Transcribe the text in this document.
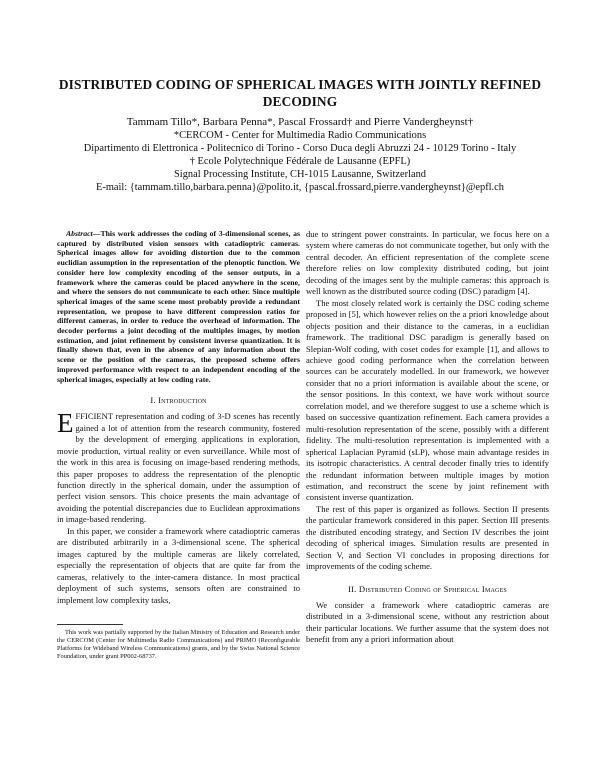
DISTRIBUTED CODING OF SPHERICAL IMAGES WITH JOINTLY REFINED DECODING
Tammam Tillo*, Barbara Penna*, Pascal Frossard† and Pierre Vandergheynst†
*CERCOM - Center for Multimedia Radio Communications
Dipartimento di Elettronica - Politecnico di Torino - Corso Duca degli Abruzzi 24 - 10129 Torino - Italy
† Ecole Polytechnique Fédérale de Lausanne (EPFL)
Signal Processing Institute, CH-1015 Lausanne, Switzerland
E-mail: {tammam.tillo,barbara.penna}@polito.it, {pascal.frossard,pierre.vandergheynst}@epfl.ch

Abstract—This work addresses the coding of 3-dimensional scenes, as captured by distributed vision sensors with catadioptric cameras. Spherical images allow for avoiding distortion due to the common euclidian assumption in the representation of the plenoptic function. We consider here low complexity encoding of the sensor outputs, in a framework where the cameras could be placed anywhere in the scene, and where the sensors do not communicate to each other. Since multiple spherical images of the same scene most probably provide a redundant representation, we propose to have different compression ratios for different cameras, in order to reduce the overhead of information. The decoder performs a joint decoding of the multiples images, by motion estimation, and joint refinement by consistent inverse quantization. It is finally shown that, even in the absence of any information about the scene or the position of the cameras, the proposed scheme offers improved performance with respect to an independent encoding of the spherical images, especially at low coding rate.

I. Introduction

EFFICIENT representation and coding of 3-D scenes has recently gained a lot of attention from the research community, fostered by the development of emerging applications in exploration, movie production, virtual reality or even surveillance. While most of the work in this area is focusing on image-based rendering methods, this paper proposes to address the representation of the plenoptic function directly in the spherical domain, under the assumption of perfect vision sensors. This choice presents the main advantage of avoiding the potential discrepancies due to Euclidean approximations in image-based rendering.

In this paper, we consider a framework where catadioptric cameras are distributed arbitrarily in a 3-dimensional scene. The spherical images captured by the multiple cameras are likely correlated, especially the representation of objects that are quite far from the cameras, relatively to the inter-camera distance. In most practical deployment of such systems, sensors often are constrained to implement low complexity tasks,

This work was partially supported by the Italian Ministry of Education and Research under the CERCOM (Center for Multimedia Radio Communications) and PRIMO (Reconfigurable Platforms for Wideband Wireless Communications) grants, and by the Swiss National Science Foundation, under grant PP002-68737.

due to stringent power constraints. In particular, we focus here on a system where cameras do not communicate together, but only with the central decoder. An efficient representation of the complete scene therefore relies on low complexity distributed coding, but joint decoding of the images sent by the multiple cameras: this approach is well known as the distributed source coding (DSC) paradigm [4].

The most closely related work is certainly the DSC coding scheme proposed in [5], which however relies on the a priori knowledge about objects position and their distance to the cameras, in a euclidian framework. The traditional DSC paradigm is generally based on Slepian-Wolf coding, with coset codes for example [1], and allows to achieve good coding performance when the correlation between sources can be accurately modelled. In our framework, we however consider that no a priori information is available about the scene, or the sensor positions. In this context, we have work without source correlation model, and we therefore suggest to use a scheme which is based on successive quantization refinement. Each camera provides a multi-resolution representation of the scene, possibly with a different fidelity. The multi-resolution representation is implemented with a spherical Laplacian Pyramid (sLP), whose main advantage resides in its isotropic characteristics. A central decoder finally tries to identify the redundant information between multiple images by motion estimation, and reconstruct the scene by joint refinement with consistent inverse quantization.

The rest of this paper is organized as follows. Section II presents the particular framework considered in this paper. Section III presents the distributed encoding strategy, and Section IV describes the joint decoding of spherical images. Simulation results are presented in Section V, and Section VI concludes in proposing directions for improvements of the coding scheme.

II. Distributed Coding of Spherical Images

We consider a framework where catadioptric cameras are distributed in a 3-dimensional scene, without any restriction about their particular locations. We further assume that the system does not benefit from any a priori information about
